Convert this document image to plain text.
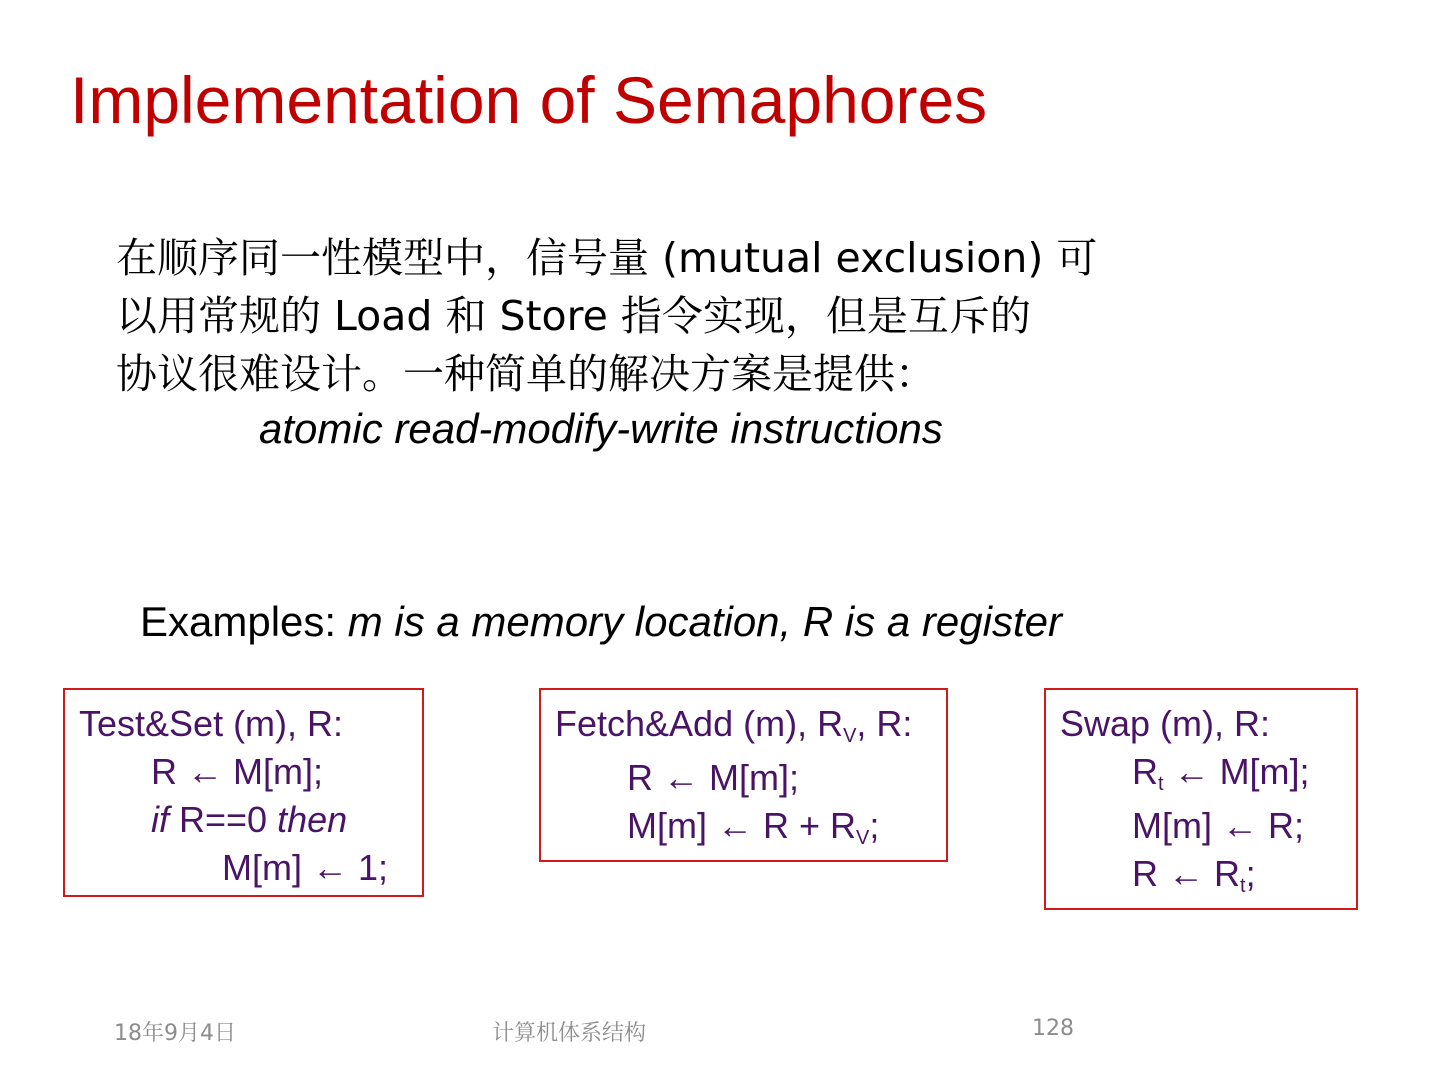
Implementation of Semaphores
在顺序同一性模型中，信号量 (mutual exclusion) 可
以用常规的 Load 和 Store 指令实现，但是互斥的
协议很难设计。一种简单的解决方案是提供：
atomic read-modify-write instructions
Examples: m is a memory location, R is a register
Test&Set (m), R:
R ← M[m];
if R==0 then
M[m] ← 1;
Fetch&Add (m), $R_V$, R:
R ← M[m];
M[m] ← $R + R_V$;
Swap (m), R:
$R_t$ ← M[m];
M[m] ← R;
R ← $R_t$;
18年9月4日	计算机体系结构	128
